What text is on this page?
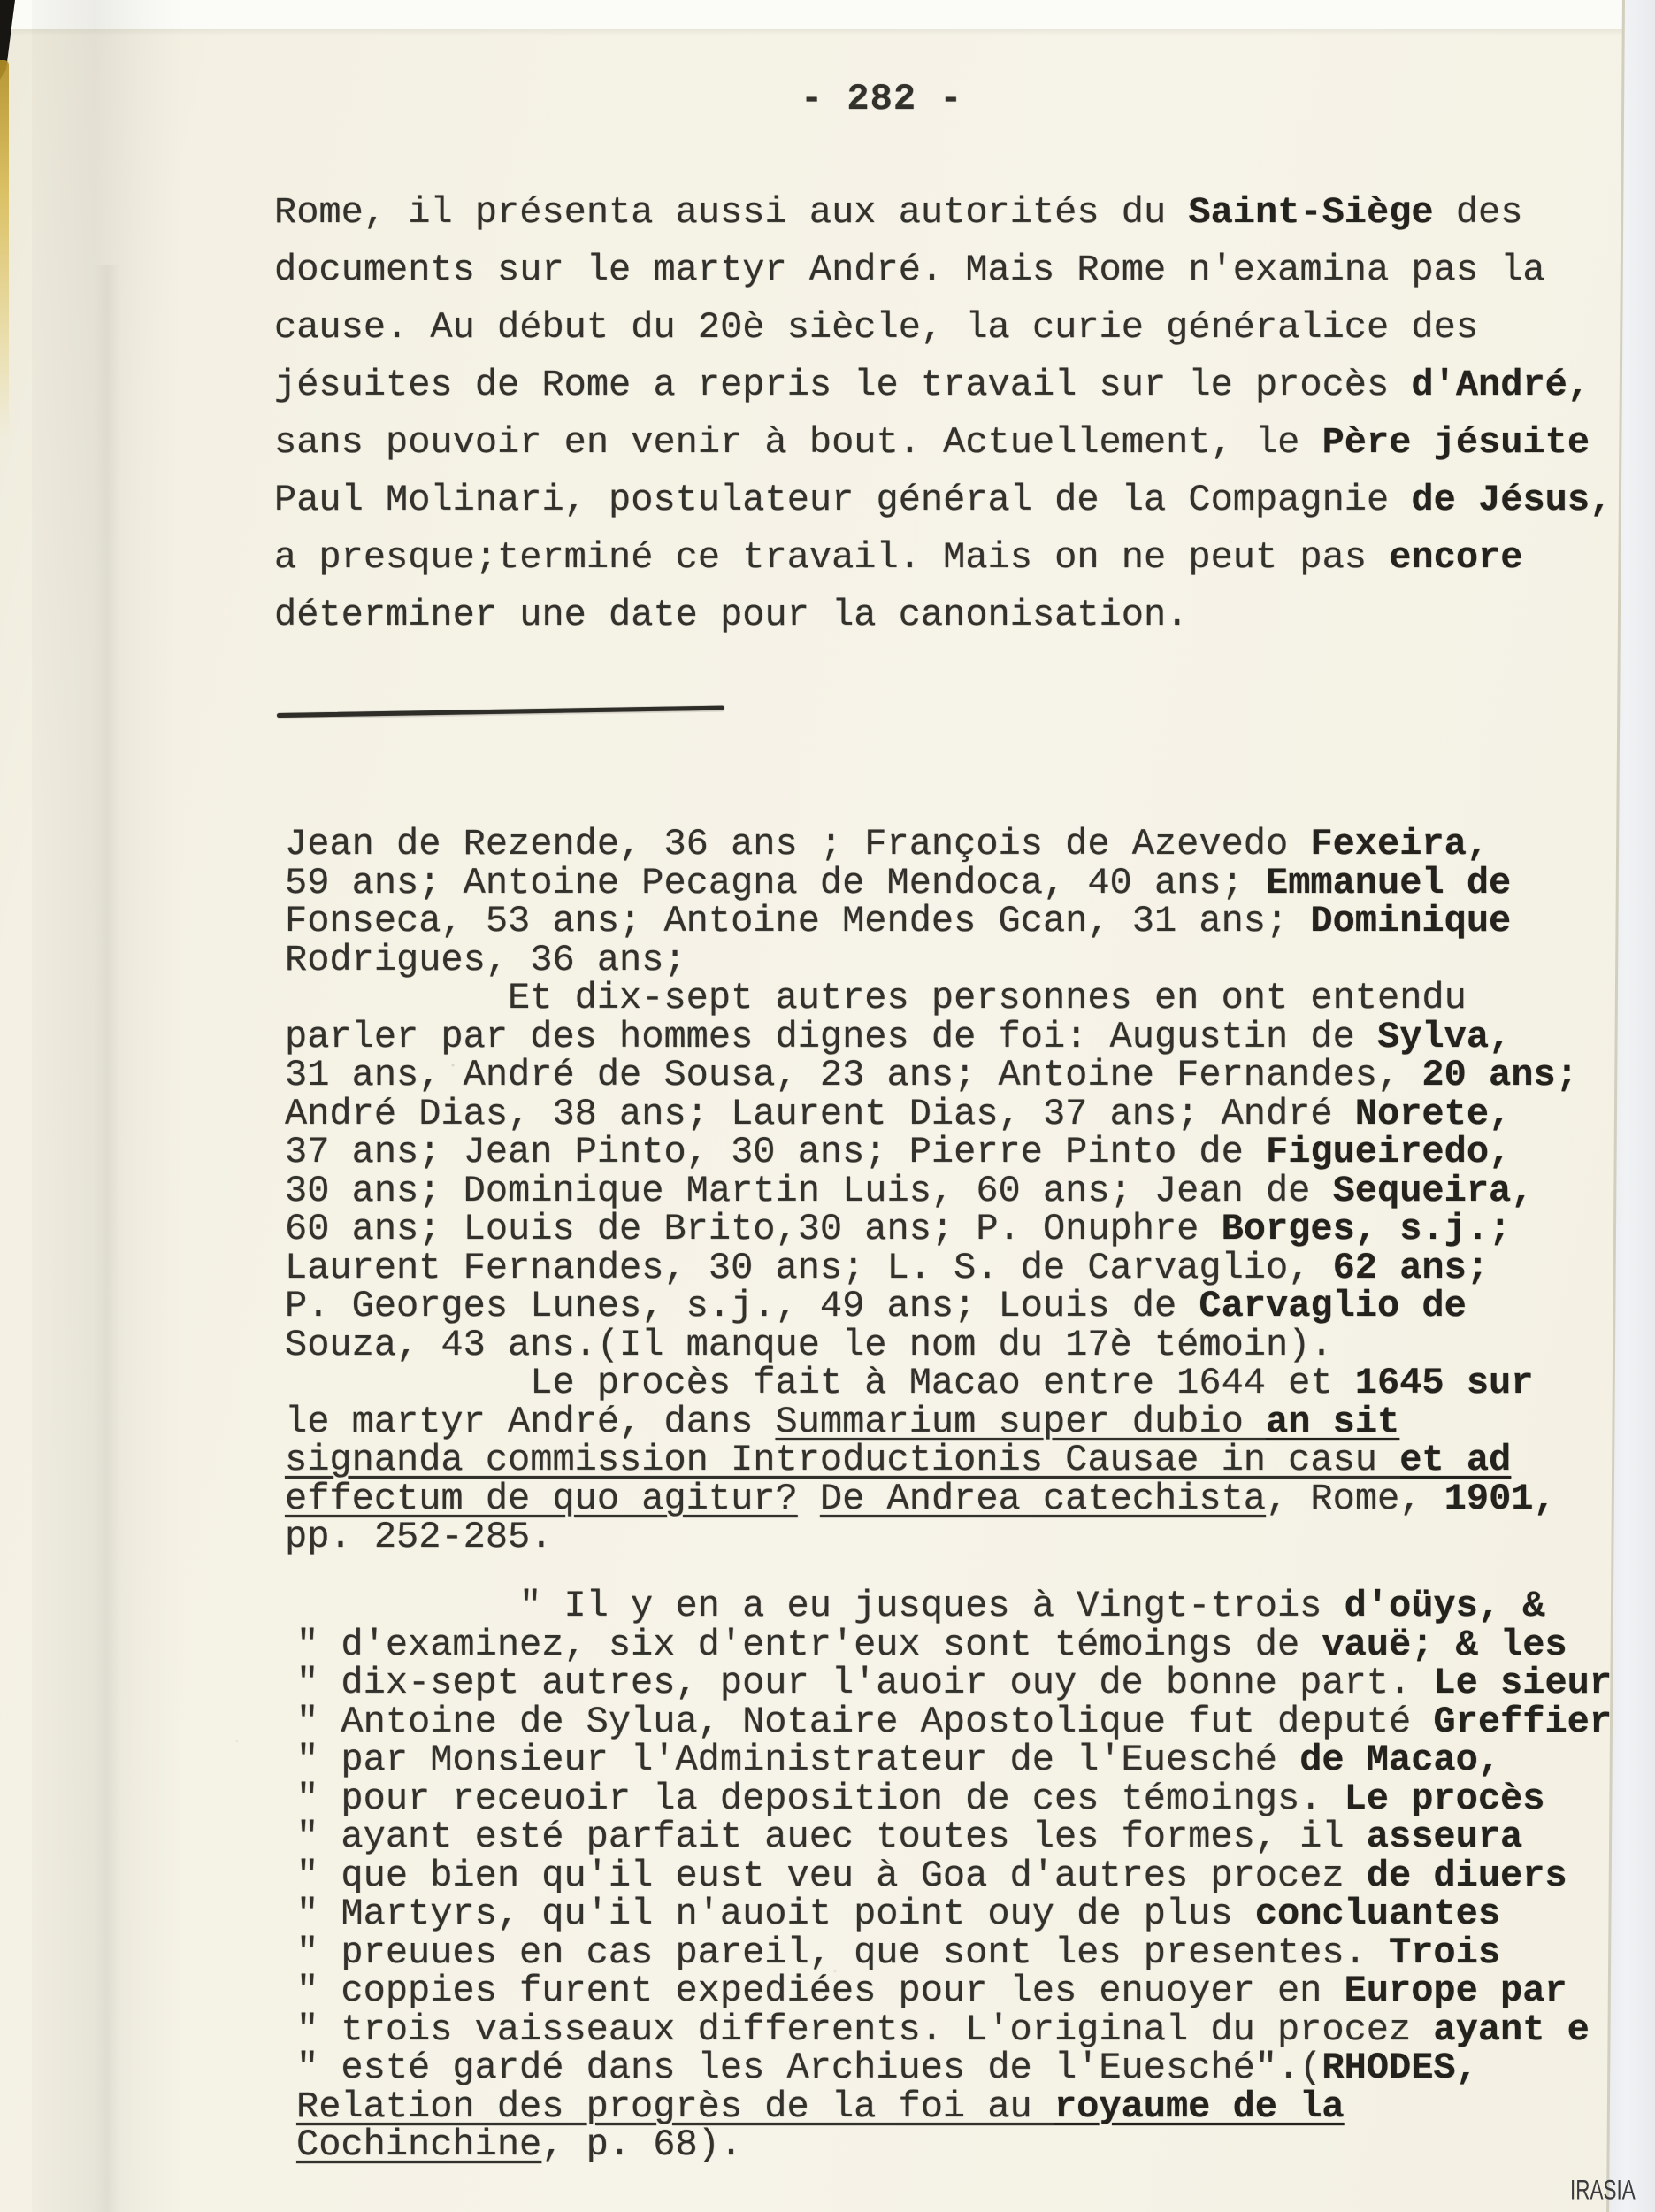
- 282 -
Rome, il présenta aussi aux autorités du Saint-Siège des
documents sur le martyr André. Mais Rome n'examina pas la
cause. Au début du 20è siècle, la curie généralice des
jésuites de Rome a repris le travail sur le procès d'André,
sans pouvoir en venir à bout. Actuellement, le Père jésuite
Paul Molinari, postulateur général de la Compagnie de Jésus,
a presque;terminé ce travail. Mais on ne peut pas encore
déterminer une date pour la canonisation.
Jean de Rezende, 36 ans ; François de Azevedo Fexeira,
59 ans; Antoine Pecagna de Mendoca, 40 ans; Emmanuel de
Fonseca, 53 ans; Antoine Mendes Gcan, 31 ans; Dominique
Rodrigues, 36 ans;
Et dix-sept autres personnes en ont entendu
parler par des hommes dignes de foi: Augustin de Sylva,
31 ans, André de Sousa, 23 ans; Antoine Fernandes, 20 ans;
André Dias, 38 ans; Laurent Dias, 37 ans; André Norete,
37 ans; Jean Pinto, 30 ans; Pierre Pinto de Figueiredo,
30 ans; Dominique Martin Luis, 60 ans; Jean de Sequeira,
60 ans; Louis de Brito,30 ans; P. Onuphre Borges, s.j.;
Laurent Fernandes, 30 ans; L. S. de Carvaglio, 62 ans;
P. Georges Lunes, s.j., 49 ans; Louis de Carvaglio de
Souza, 43 ans.(Il manque le nom du 17è témoin).
Le procès fait à Macao entre 1644 et 1645 sur
le martyr André, dans Summarium super dubio an sit
signanda commission Introductionis Causae in casu et ad
effectum de quo agitur? De Andrea catechista, Rome, 1901,
pp. 252-285.
" Il y en a eu jusques à Vingt-trois d'oüys, &
" d'examinez, six d'entr'eux sont témoings de vauë; & les
" dix-sept autres, pour l'auoir ouy de bonne part. Le sieur
" Antoine de Sylua, Notaire Apostolique fut deputé Greffier
" par Monsieur l'Administrateur de l'Euesché de Macao,
" pour receuoir la deposition de ces témoings. Le procès
" ayant esté parfait auec toutes les formes, il asseura
" que bien qu'il eust veu à Goa d'autres procez de diuers
" Martyrs, qu'il n'auoit point ouy de plus concluantes
" preuues en cas pareil, que sont les presentes. Trois
" coppies furent expediées pour les enuoyer en Europe par
" trois vaisseaux differents. L'original du procez ayant e
" esté gardé dans les Archiues de l'Euesché".(RHODES,
Relation des progrès de la foi au royaume de la
Cochinchine, p. 68).
IRASIA
